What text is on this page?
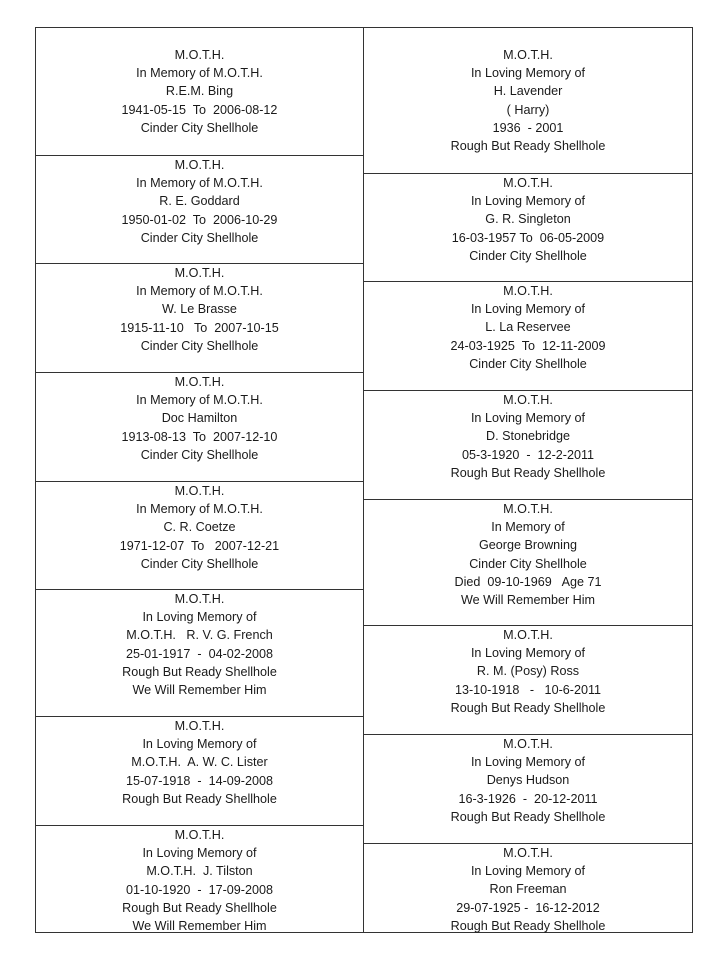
M.O.T.H.
In Memory of M.O.T.H.
R.E.M. Bing
1941-05-15  To  2006-08-12
Cinder City Shellhole
M.O.T.H.
In Memory of M.O.T.H.
R. E. Goddard
1950-01-02  To  2006-10-29
Cinder City Shellhole
M.O.T.H.
In Memory of M.O.T.H.
W. Le Brasse
1915-11-10   To  2007-10-15
Cinder City Shellhole
M.O.T.H.
In Memory of M.O.T.H.
Doc Hamilton
1913-08-13  To  2007-12-10
Cinder City Shellhole
M.O.T.H.
In Memory of M.O.T.H.
C. R. Coetze
1971-12-07  To   2007-12-21
Cinder City Shellhole
M.O.T.H.
In Loving Memory of
M.O.T.H.   R. V. G. French
25-01-1917  -  04-02-2008
Rough But Ready Shellhole
We Will Remember Him
M.O.T.H.
In Loving Memory of
M.O.T.H.  A. W. C. Lister
15-07-1918  -  14-09-2008
Rough But Ready Shellhole
M.O.T.H.
In Loving Memory of
M.O.T.H.  J. Tilston
01-10-1920  -  17-09-2008
Rough But Ready Shellhole
We Will Remember Him
M.O.T.H.
In Loving Memory of
H. Lavender
( Harry)
1936  - 2001
Rough But Ready Shellhole
M.O.T.H.
In Loving Memory of
G. R. Singleton
16-03-1957 To  06-05-2009
Cinder City Shellhole
M.O.T.H.
In Loving Memory of
L. La Reservee
24-03-1925  To  12-11-2009
Cinder City Shellhole
M.O.T.H.
In Loving Memory of
D. Stonebridge
05-3-1920  -  12-2-2011
Rough But Ready Shellhole
M.O.T.H.
In Memory of
George Browning
Cinder City Shellhole
Died  09-10-1969   Age 71
We Will Remember Him
M.O.T.H.
In Loving Memory of
R. M. (Posy) Ross
13-10-1918   -   10-6-2011
Rough But Ready Shellhole
M.O.T.H.
In Loving Memory of
Denys Hudson
16-3-1926  -  20-12-2011
Rough But Ready Shellhole
M.O.T.H.
In Loving Memory of
Ron Freeman
29-07-1925 -  16-12-2012
Rough But Ready Shellhole
